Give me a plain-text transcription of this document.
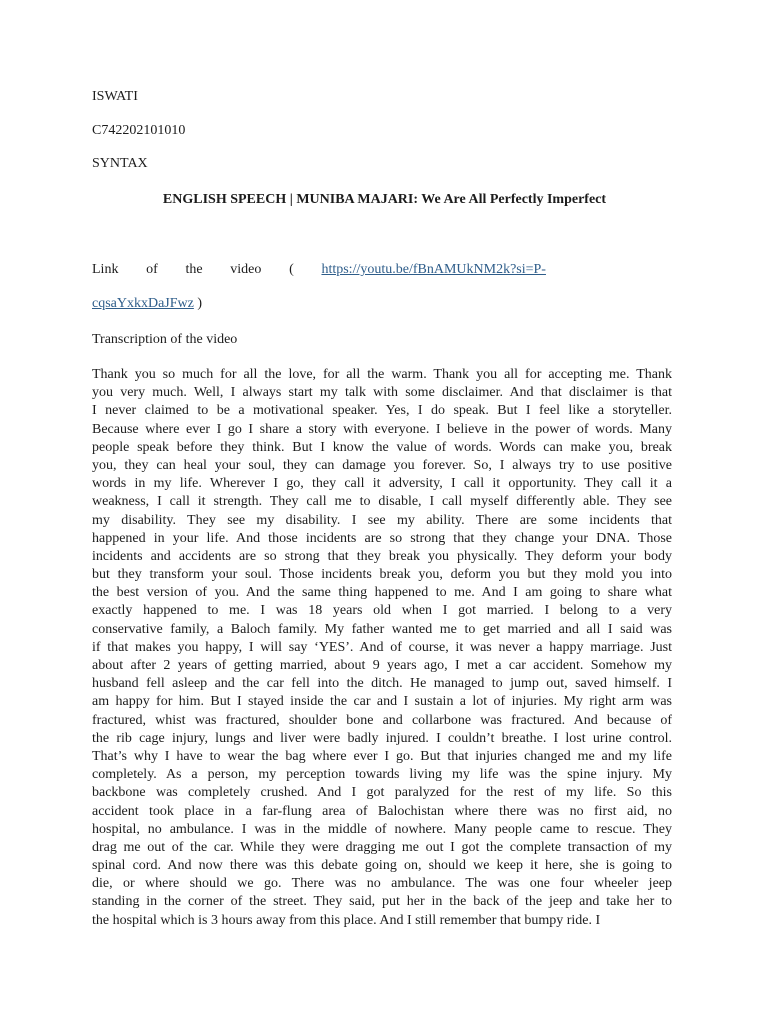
ISWATI
C742202101010
SYNTAX
ENGLISH SPEECH | MUNIBA MAJARI: We Are All Perfectly Imperfect
Link of the video ( https://youtu.be/fBnAMUkNM2k?si=P-
cqsaYxkxDaJFwz )
Transcription of the video
Thank you so much for all the love, for all the warm. Thank you all for accepting me. Thank
you very much. Well, I always start my talk with some disclaimer. And that disclaimer is that
I never claimed to be a motivational speaker. Yes, I do speak. But I feel like a storyteller.
Because where ever I go I share a story with everyone. I believe in the power of words. Many
people speak before they think. But I know the value of words. Words can make you, break
you, they can heal your soul, they can damage you forever. So, I always try to use positive
words in my life. Wherever I go, they call it adversity, I call it opportunity. They call it a
weakness, I call it strength. They call me to disable, I call myself differently able. They see
my disability. They see my disability. I see my ability. There are some incidents that
happened in your life. And those incidents are so strong that they change your DNA. Those
incidents and accidents are so strong that they break you physically. They deform your body
but they transform your soul. Those incidents break you, deform you but they mold you into
the best version of you. And the same thing happened to me. And I am going to share what
exactly happened to me. I was 18 years old when I got married. I belong to a very
conservative family, a Baloch family. My father wanted me to get married and all I said was
if that makes you happy, I will say ‘YES’. And of course, it was never a happy marriage. Just
about after 2 years of getting married, about 9 years ago, I met a car accident. Somehow my
husband fell asleep and the car fell into the ditch. He managed to jump out, saved himself. I
am happy for him. But I stayed inside the car and I sustain a lot of injuries. My right arm was
fractured, whist was fractured, shoulder bone and collarbone was fractured. And because of
the rib cage injury, lungs and liver were badly injured. I couldn’t breathe. I lost urine control.
That’s why I have to wear the bag where ever I go. But that injuries changed me and my life
completely. As a person, my perception towards living my life was the spine injury. My
backbone was completely crushed. And I got paralyzed for the rest of my life. So this
accident took place in a far-flung area of Balochistan where there was no first aid, no
hospital, no ambulance. I was in the middle of nowhere. Many people came to rescue. They
drag me out of the car. While they were dragging me out I got the complete transaction of my
spinal cord. And now there was this debate going on, should we keep it here, she is going to
die, or where should we go. There was no ambulance. The was one four wheeler jeep
standing in the corner of the street. They said, put her in the back of the jeep and take her to
the hospital which is 3 hours away from this place. And I still remember that bumpy ride. I
